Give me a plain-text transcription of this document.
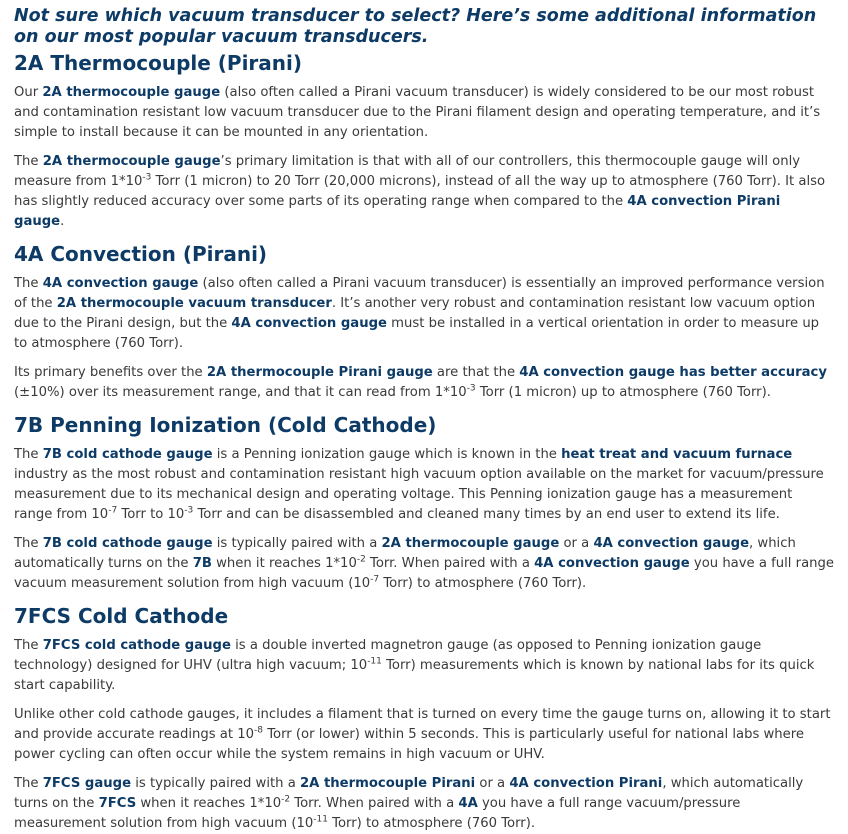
Not sure which vacuum transducer to select? Here’s some additional information on our most popular vacuum transducers.
2A Thermocouple (Pirani)

Our 2A thermocouple gauge (also often called a Pirani vacuum transducer) is widely considered to be our most robust and contamination resistant low vacuum transducer due to the Pirani filament design and operating temperature, and it’s simple to install because it can be mounted in any orientation.

The 2A thermocouple gauge’s primary limitation is that with all of our controllers, this thermocouple gauge will only measure from $1*10^{-3}$ Torr (1 micron) to 20 Torr (20,000 microns), instead of all the way up to atmosphere (760 Torr). It also has slightly reduced accuracy over some parts of its operating range when compared to the 4A convection Pirani gauge.

4A Convection (Pirani)

The 4A convection gauge (also often called a Pirani vacuum transducer) is essentially an improved performance version of the 2A thermocouple vacuum transducer. It’s another very robust and contamination resistant low vacuum option due to the Pirani design, but the 4A convection gauge must be installed in a vertical orientation in order to measure up to atmosphere (760 Torr).

Its primary benefits over the 2A thermocouple Pirani gauge are that the 4A convection gauge has better accuracy (±10%) over its measurement range, and that it can read from $1*10^{-3}$ Torr (1 micron) up to atmosphere (760 Torr).

7B Penning Ionization (Cold Cathode)

The 7B cold cathode gauge is a Penning ionization gauge which is known in the heat treat and vacuum furnace industry as the most robust and contamination resistant high vacuum option available on the market for vacuum/pressure measurement due to its mechanical design and operating voltage. This Penning ionization gauge has a measurement range from $10^{-7}$ Torr to $10^{-3}$ Torr and can be disassembled and cleaned many times by an end user to extend its life.

The 7B cold cathode gauge is typically paired with a 2A thermocouple gauge or a 4A convection gauge, which automatically turns on the 7B when it reaches $1*10^{-2}$ Torr. When paired with a 4A convection gauge you have a full range vacuum measurement solution from high vacuum ($10^{-7}$ Torr) to atmosphere (760 Torr).

7FCS Cold Cathode

The 7FCS cold cathode gauge is a double inverted magnetron gauge (as opposed to Penning ionization gauge technology) designed for UHV (ultra high vacuum; $10^{-11}$ Torr) measurements which is known by national labs for its quick start capability.

Unlike other cold cathode gauges, it includes a filament that is turned on every time the gauge turns on, allowing it to start and provide accurate readings at $10^{-8}$ Torr (or lower) within 5 seconds. This is particularly useful for national labs where power cycling can often occur while the system remains in high vacuum or UHV.

The 7FCS gauge is typically paired with a 2A thermocouple Pirani or a 4A convection Pirani, which automatically turns on the 7FCS when it reaches $1*10^{-2}$ Torr. When paired with a 4A you have a full range vacuum/pressure measurement solution from high vacuum ($10^{-11}$ Torr) to atmosphere (760 Torr).
